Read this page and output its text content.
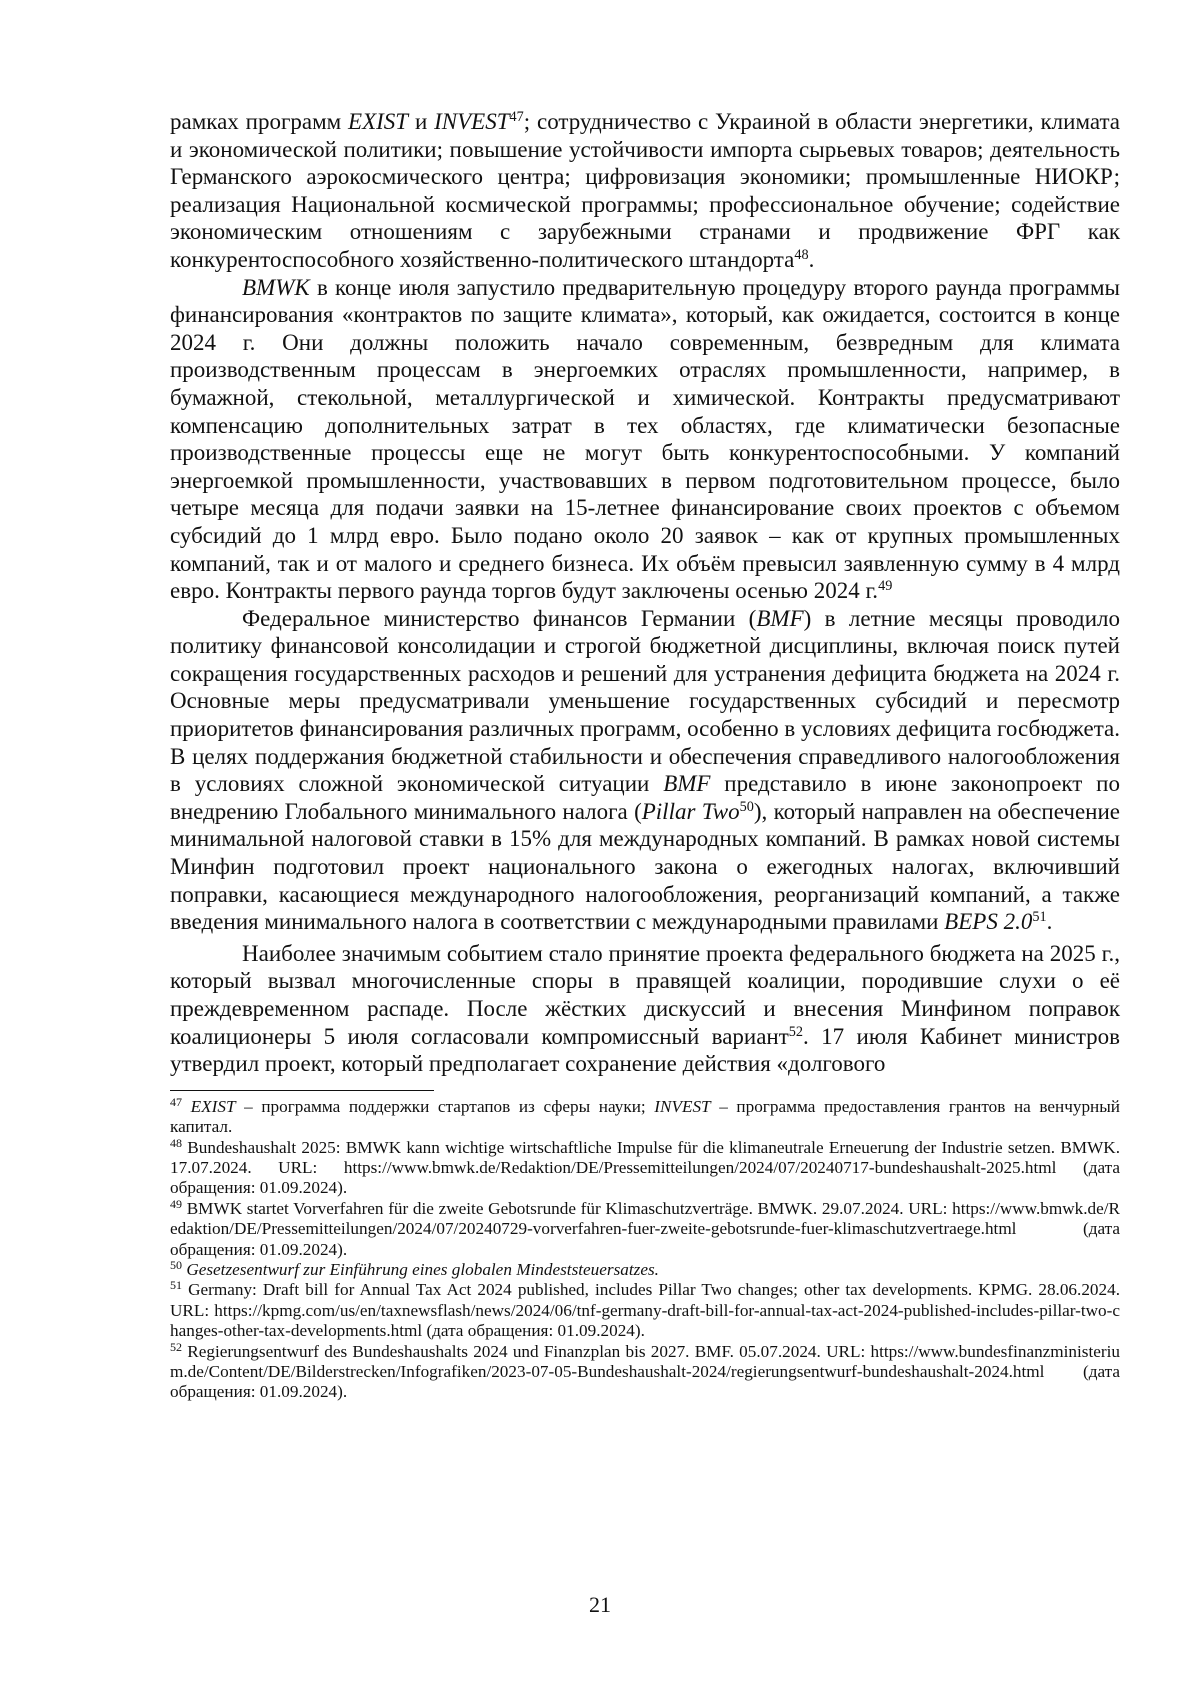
рамках программ EXIST и INVEST$^{47}$; сотрудничество с Украиной в области энергетики, климата и экономической политики; повышение устойчивости импорта сырьевых товаров; деятельность Германского аэрокосмического центра; цифровизация экономики; промышленные НИОКР; реализация Национальной космической программы; профессиональное обучение; содействие экономическим отношениям с зарубежными странами и продвижение ФРГ как конкурентоспособного хозяйственно-политического штандорта$^{48}$.

BMWK в конце июля запустило предварительную процедуру второго раунда программы финансирования «контрактов по защите климата», который, как ожидается, состоится в конце 2024 г. Они должны положить начало современным, безвредным для климата производственным процессам в энергоемких отраслях промышленности, например, в бумажной, стекольной, металлургической и химической. Контракты предусматривают компенсацию дополнительных затрат в тех областях, где климатически безопасные производственные процессы еще не могут быть конкурентоспособными. У компаний энергоемкой промышленности, участвовавших в первом подготовительном процессе, было четыре месяца для подачи заявки на 15-летнее финансирование своих проектов с объемом субсидий до 1 млрд евро. Было подано около 20 заявок – как от крупных промышленных компаний, так и от малого и среднего бизнеса. Их объём превысил заявленную сумму в 4 млрд евро. Контракты первого раунда торгов будут заключены осенью 2024 г.$^{49}$

Федеральное министерство финансов Германии (BMF) в летние месяцы проводило политику финансовой консолидации и строгой бюджетной дисциплины, включая поиск путей сокращения государственных расходов и решений для устранения дефицита бюджета на 2024 г. Основные меры предусматривали уменьшение государственных субсидий и пересмотр приоритетов финансирования различных программ, особенно в условиях дефицита госбюджета. В целях поддержания бюджетной стабильности и обеспечения справедливого налогообложения в условиях сложной экономической ситуации BMF представило в июне законопроект по внедрению Глобального минимального налога (Pillar Two$^{50}$), который направлен на обеспечение минимальной налоговой ставки в 15% для международных компаний. В рамках новой системы Минфин подготовил проект национального закона о ежегодных налогах, включивший поправки, касающиеся международного налогообложения, реорганизаций компаний, а также введения минимального налога в соответствии с международными правилами BEPS $2.0^{51}$.

Наиболее значимым событием стало принятие проекта федерального бюджета на 2025 г., который вызвал многочисленные споры в правящей коалиции, породившие слухи о её преждевременном распаде. После жёстких дискуссий и внесения Минфином поправок коалиционеры 5 июля согласовали компромиссный вариант$^{52}$. 17 июля Кабинет министров утвердил проект, который предполагает сохранение действия «долгового

$^{47}$ EXIST – программа поддержки стартапов из сферы науки; INVEST – программа предоставления грантов на венчурный капитал.

$^{48}$ Bundeshaushalt 2025: BMWK kann wichtige wirtschaftliche Impulse für die klimaneutrale Erneuerung der Industrie setzen. BMWK. 17.07.2024. URL: https://www.bmwk.de/Redaktion/DE/Pressemitteilungen/2024/07/20240717-bundeshaushalt-2025.html (дата обращения: 01.09.2024).

$^{49}$ BMWK startet Vorverfahren für die zweite Gebotsrunde für Klimaschutzverträge. BMWK. 29.07.2024. URL: https://www.bmwk.de/Redaktion/DE/Pressemitteilungen/2024/07/20240729-vorverfahren-fuer-zweite-gebotsrunde-fuer-klimaschutzvertraege.html (дата обращения: 01.09.2024).

$^{50}$ Gesetzesentwurf zur Einführung eines globalen Mindeststeuersatzes.

$^{51}$ Germany: Draft bill for Annual Tax Act 2024 published, includes Pillar Two changes; other tax developments. KPMG. 28.06.2024. URL: https://kpmg.com/us/en/taxnewsflash/news/2024/06/tnf-germany-draft-bill-for-annual-tax-act-2024-published-includes-pillar-two-changes-other-tax-developments.html (дата обращения: 01.09.2024).

$^{52}$ Regierungsentwurf des Bundeshaushalts 2024 und Finanzplan bis 2027. BMF. 05.07.2024. URL: https://www.bundesfinanzministerium.de/Content/DE/Bilderstrecken/Infografiken/2023-07-05-Bundeshaushalt-2024/regierungsentwurf-bundeshaushalt-2024.html (дата обращения: 01.09.2024).

21
